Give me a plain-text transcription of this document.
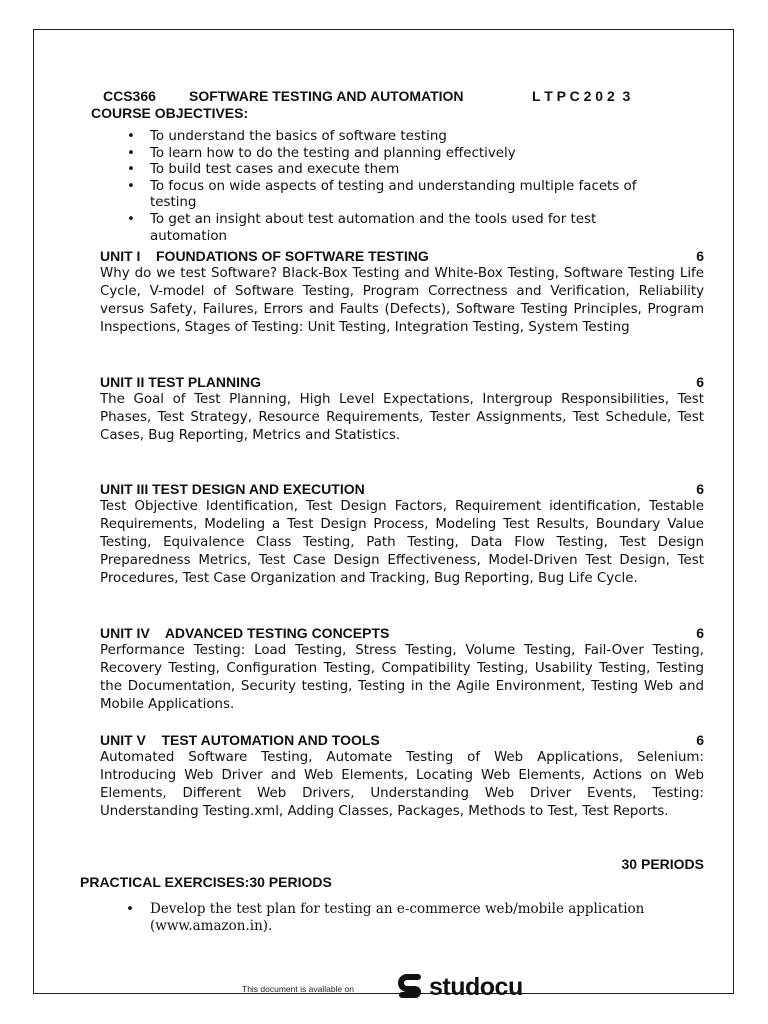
CCS366 SOFTWARE TESTING AND AUTOMATION	L T P C 2 0 2  3
COURSE OBJECTIVES:
• To understand the basics of software testing
• To learn how to do the testing and planning effectively
• To build test cases and execute them
• To focus on wide aspects of testing and understanding multiple facets of testing
• To get an insight about test automation and the tools used for test automation
UNIT I    FOUNDATIONS OF SOFTWARE TESTING	6
Why do we test Software? Black-Box Testing and White-Box Testing, Software Testing Life Cycle, V-model of Software Testing, Program Correctness and Verification, Reliability versus Safety, Failures, Errors and Faults (Defects), Software Testing Principles, Program Inspections, Stages of Testing: Unit Testing, Integration Testing, System Testing
UNIT II TEST PLANNING	6
The Goal of Test Planning, High Level Expectations, Intergroup Responsibilities, Test Phases, Test Strategy, Resource Requirements, Tester Assignments, Test Schedule, Test Cases, Bug Reporting, Metrics and Statistics.
UNIT III TEST DESIGN AND EXECUTION	6
Test Objective Identification, Test Design Factors, Requirement identification, Testable Requirements, Modeling a Test Design Process, Modeling Test Results, Boundary Value Testing, Equivalence Class Testing, Path Testing, Data Flow Testing, Test Design Preparedness Metrics, Test Case Design Effectiveness, Model-Driven Test Design, Test Procedures, Test Case Organization and Tracking, Bug Reporting, Bug Life Cycle.
UNIT IV    ADVANCED TESTING CONCEPTS	6
Performance Testing: Load Testing, Stress Testing, Volume Testing, Fail-Over Testing, Recovery Testing, Configuration Testing, Compatibility Testing, Usability Testing, Testing the Documentation, Security testing, Testing in the Agile Environment, Testing Web and Mobile Applications.
UNIT V    TEST AUTOMATION AND TOOLS	6
Automated Software Testing, Automate Testing of Web Applications, Selenium: Introducing Web Driver and Web Elements, Locating Web Elements, Actions on Web Elements, Different Web Drivers, Understanding Web Driver Events, Testing: Understanding Testing.xml, Adding Classes, Packages, Methods to Test, Test Reports.
30 PERIODS
PRACTICAL EXERCISES:30 PERIODS
• Develop the test plan for testing an e-commerce web/mobile application (www.amazon.in).
This document is available on	studocu
